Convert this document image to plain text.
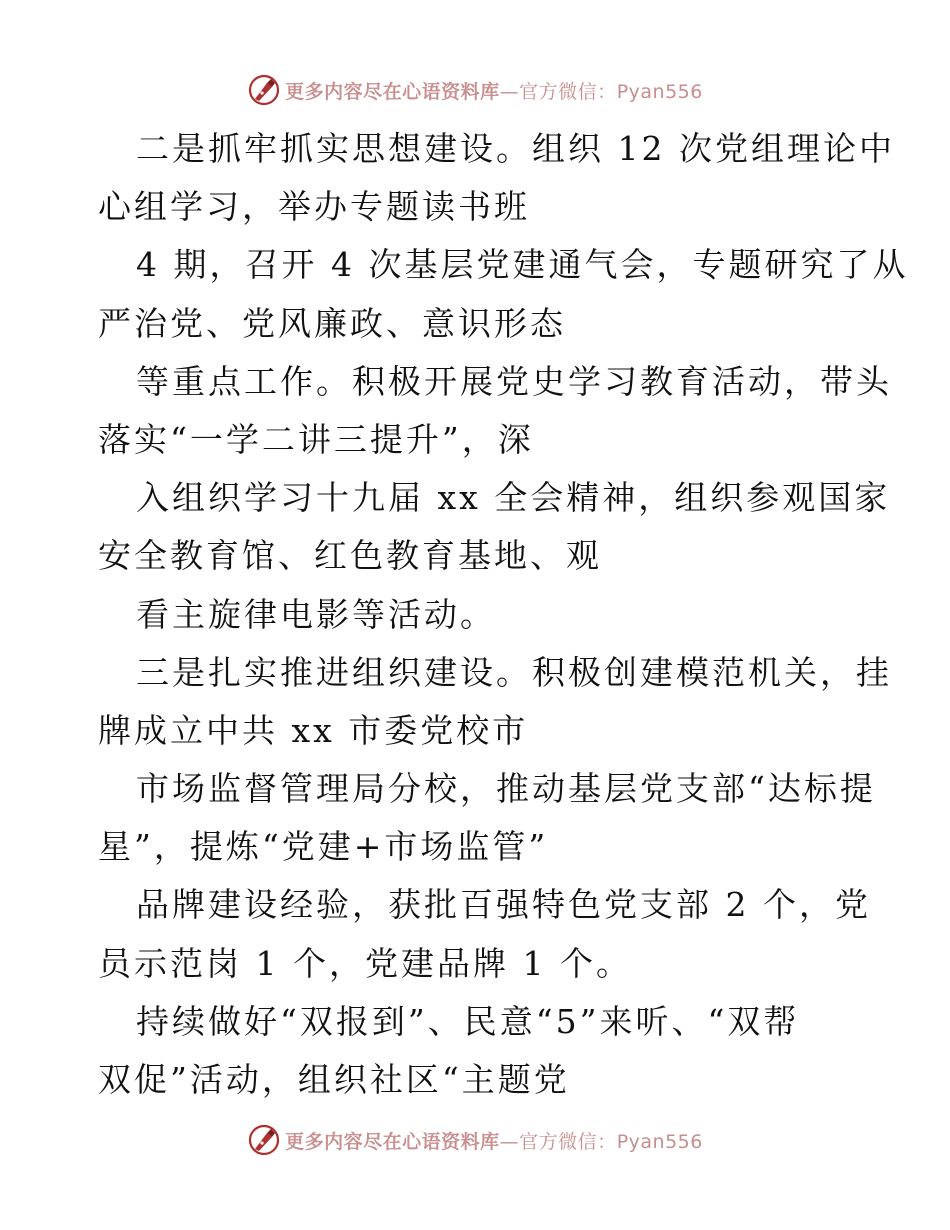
更多内容尽在心语资料库—官方微信：Pyan556
二是抓牢抓实思想建设。组织 12 次党组理论中
心组学习，举办专题读书班
4 期，召开 4 次基层党建通气会，专题研究了从
严治党、党风廉政、意识形态
等重点工作。积极开展党史学习教育活动，带头
落实“一学二讲三提升”，深
入组织学习十九届 xx 全会精神，组织参观国家
安全教育馆、红色教育基地、观
看主旋律电影等活动。
三是扎实推进组织建设。积极创建模范机关，挂
牌成立中共 xx 市委党校市
市场监督管理局分校，推动基层党支部“达标提
星”，提炼“党建+市场监管”
品牌建设经验，获批百强特色党支部 2 个，党
员示范岗 1 个，党建品牌 1 个。
持续做好“双报到”、民意“5”来听、“双帮
双促”活动，组织社区“主题党
更多内容尽在心语资料库—官方微信：Pyan556
